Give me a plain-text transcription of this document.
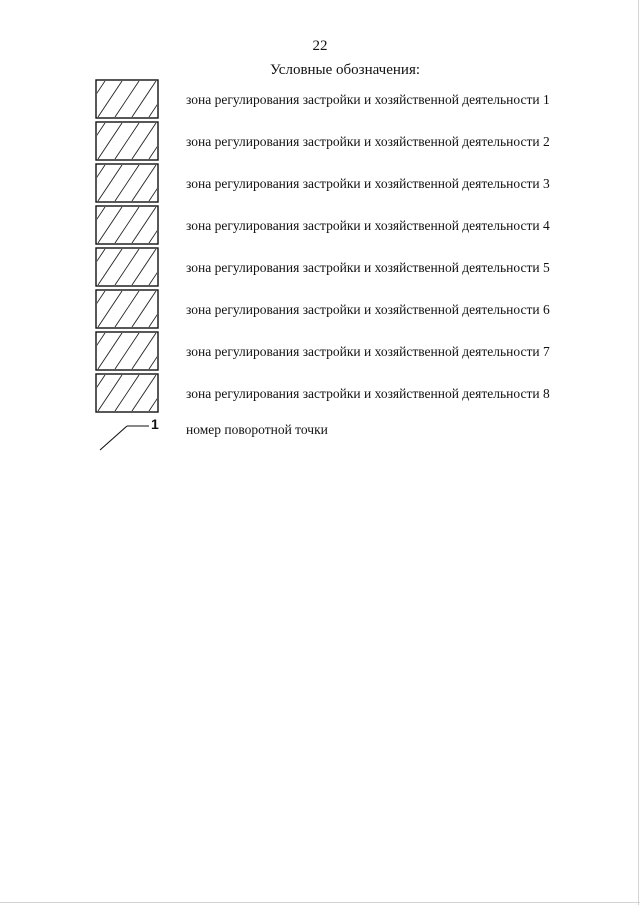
22
Условные обозначения:
зона регулирования застройки и хозяйственной деятельности 1
зона регулирования застройки и хозяйственной деятельности 2
зона регулирования застройки и хозяйственной деятельности 3
зона регулирования застройки и хозяйственной деятельности 4
зона регулирования застройки и хозяйственной деятельности 5
зона регулирования застройки и хозяйственной деятельности 6
зона регулирования застройки и хозяйственной деятельности 7
зона регулирования застройки и хозяйственной деятельности 8
1 номер поворотной точки
